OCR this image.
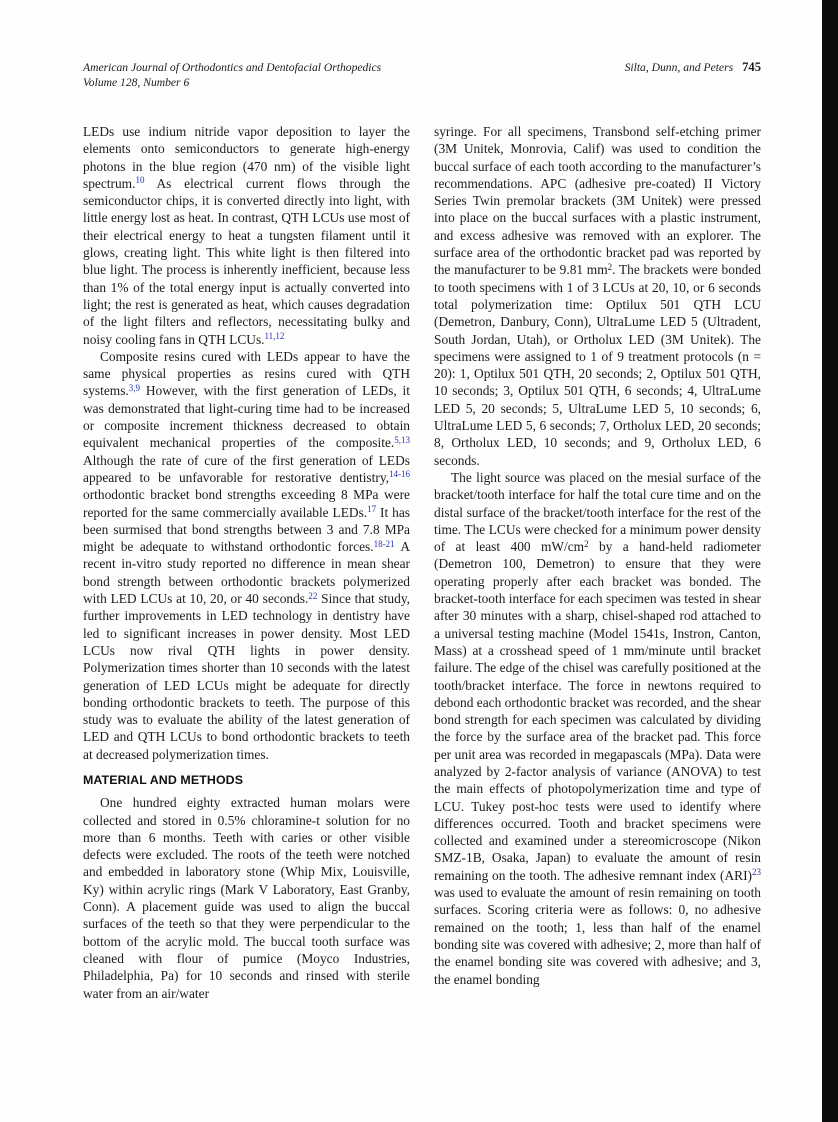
American Journal of Orthodontics and Dentofacial Orthopedics
Volume 128, Number 6
Silta, Dunn, and Peters 745

LEDs use indium nitride vapor deposition to layer the elements onto semiconductors to generate high-energy photons in the blue region (470 nm) of the visible light spectrum.$^{10}$ As electrical current flows through the semiconductor chips, it is converted directly into light, with little energy lost as heat. In contrast, QTH LCUs use most of their electrical energy to heat a tungsten filament until it glows, creating light. This white light is then filtered into blue light. The process is inherently inefficient, because less than 1% of the total energy input is actually converted into light; the rest is generated as heat, which causes degradation of the light filters and reflectors, necessitating bulky and noisy cooling fans in QTH LCUs.$^{11,12}$

Composite resins cured with LEDs appear to have the same physical properties as resins cured with QTH systems.$^{3,9}$ However, with the first generation of LEDs, it was demonstrated that light-curing time had to be increased or composite increment thickness decreased to obtain equivalent mechanical properties of the composite.$^{5,13}$ Although the rate of cure of the first generation of LEDs appeared to be unfavorable for restorative dentistry,$^{14-16}$ orthodontic bracket bond strengths exceeding 8 MPa were reported for the same commercially available LEDs.$^{17}$ It has been surmised that bond strengths between 3 and 7.8 MPa might be adequate to withstand orthodontic forces.$^{18-21}$ A recent in-vitro study reported no difference in mean shear bond strength between orthodontic brackets polymerized with LED LCUs at 10, 20, or 40 seconds.$^{22}$ Since that study, further improvements in LED technology in dentistry have led to significant increases in power density. Most LED LCUs now rival QTH lights in power density. Polymerization times shorter than 10 seconds with the latest generation of LED LCUs might be adequate for directly bonding orthodontic brackets to teeth. The purpose of this study was to evaluate the ability of the latest generation of LED and QTH LCUs to bond orthodontic brackets to teeth at decreased polymerization times.

MATERIAL AND METHODS

One hundred eighty extracted human molars were collected and stored in 0.5% chloramine-t solution for no more than 6 months. Teeth with caries or other visible defects were excluded. The roots of the teeth were notched and embedded in laboratory stone (Whip Mix, Louisville, Ky) within acrylic rings (Mark V Laboratory, East Granby, Conn). A placement guide was used to align the buccal surfaces of the teeth so that they were perpendicular to the bottom of the acrylic mold. The buccal tooth surface was cleaned with flour of pumice (Moyco Industries, Philadelphia, Pa) for 10 seconds and rinsed with sterile water from an air/water

syringe. For all specimens, Transbond self-etching primer (3M Unitek, Monrovia, Calif) was used to condition the buccal surface of each tooth according to the manufacturer’s recommendations. APC (adhesive pre-coated) II Victory Series Twin premolar brackets (3M Unitek) were pressed into place on the buccal surfaces with a plastic instrument, and excess adhesive was removed with an explorer. The surface area of the orthodontic bracket pad was reported by the manufacturer to be 9.81 $mm^2$. The brackets were bonded to tooth specimens with 1 of 3 LCUs at 20, 10, or 6 seconds total polymerization time: Optilux 501 QTH LCU (Demetron, Danbury, Conn), UltraLume LED 5 (Ultradent, South Jordan, Utah), or Ortholux LED (3M Unitek). The specimens were assigned to 1 of 9 treatment protocols (n = 20): 1, Optilux 501 QTH, 20 seconds; 2, Optilux 501 QTH, 10 seconds; 3, Optilux 501 QTH, 6 seconds; 4, UltraLume LED 5, 20 seconds; 5, UltraLume LED 5, 10 seconds; 6, UltraLume LED 5, 6 seconds; 7, Ortholux LED, 20 seconds; 8, Ortholux LED, 10 seconds; and 9, Ortholux LED, 6 seconds.

The light source was placed on the mesial surface of the bracket/tooth interface for half the total cure time and on the distal surface of the bracket/tooth interface for the rest of the time. The LCUs were checked for a minimum power density of at least 400 $mW/cm^2$ by a hand-held radiometer (Demetron 100, Demetron) to ensure that they were operating properly after each bracket was bonded. The bracket-tooth interface for each specimen was tested in shear after 30 minutes with a sharp, chisel-shaped rod attached to a universal testing machine (Model 1541s, Instron, Canton, Mass) at a crosshead speed of 1 mm/minute until bracket failure. The edge of the chisel was carefully positioned at the tooth/bracket interface. The force in newtons required to debond each orthodontic bracket was recorded, and the shear bond strength for each specimen was calculated by dividing the force by the surface area of the bracket pad. This force per unit area was recorded in megapascals (MPa). Data were analyzed by 2-factor analysis of variance (ANOVA) to test the main effects of photopolymerization time and type of LCU. Tukey post-hoc tests were used to identify where differences occurred. Tooth and bracket specimens were collected and examined under a stereomicroscope (Nikon SMZ-1B, Osaka, Japan) to evaluate the amount of resin remaining on the tooth. The adhesive remnant index (ARI)$^{23}$ was used to evaluate the amount of resin remaining on tooth surfaces. Scoring criteria were as follows: 0, no adhesive remained on the tooth; 1, less than half of the enamel bonding site was covered with adhesive; 2, more than half of the enamel bonding site was covered with adhesive; and 3, the enamel bonding
